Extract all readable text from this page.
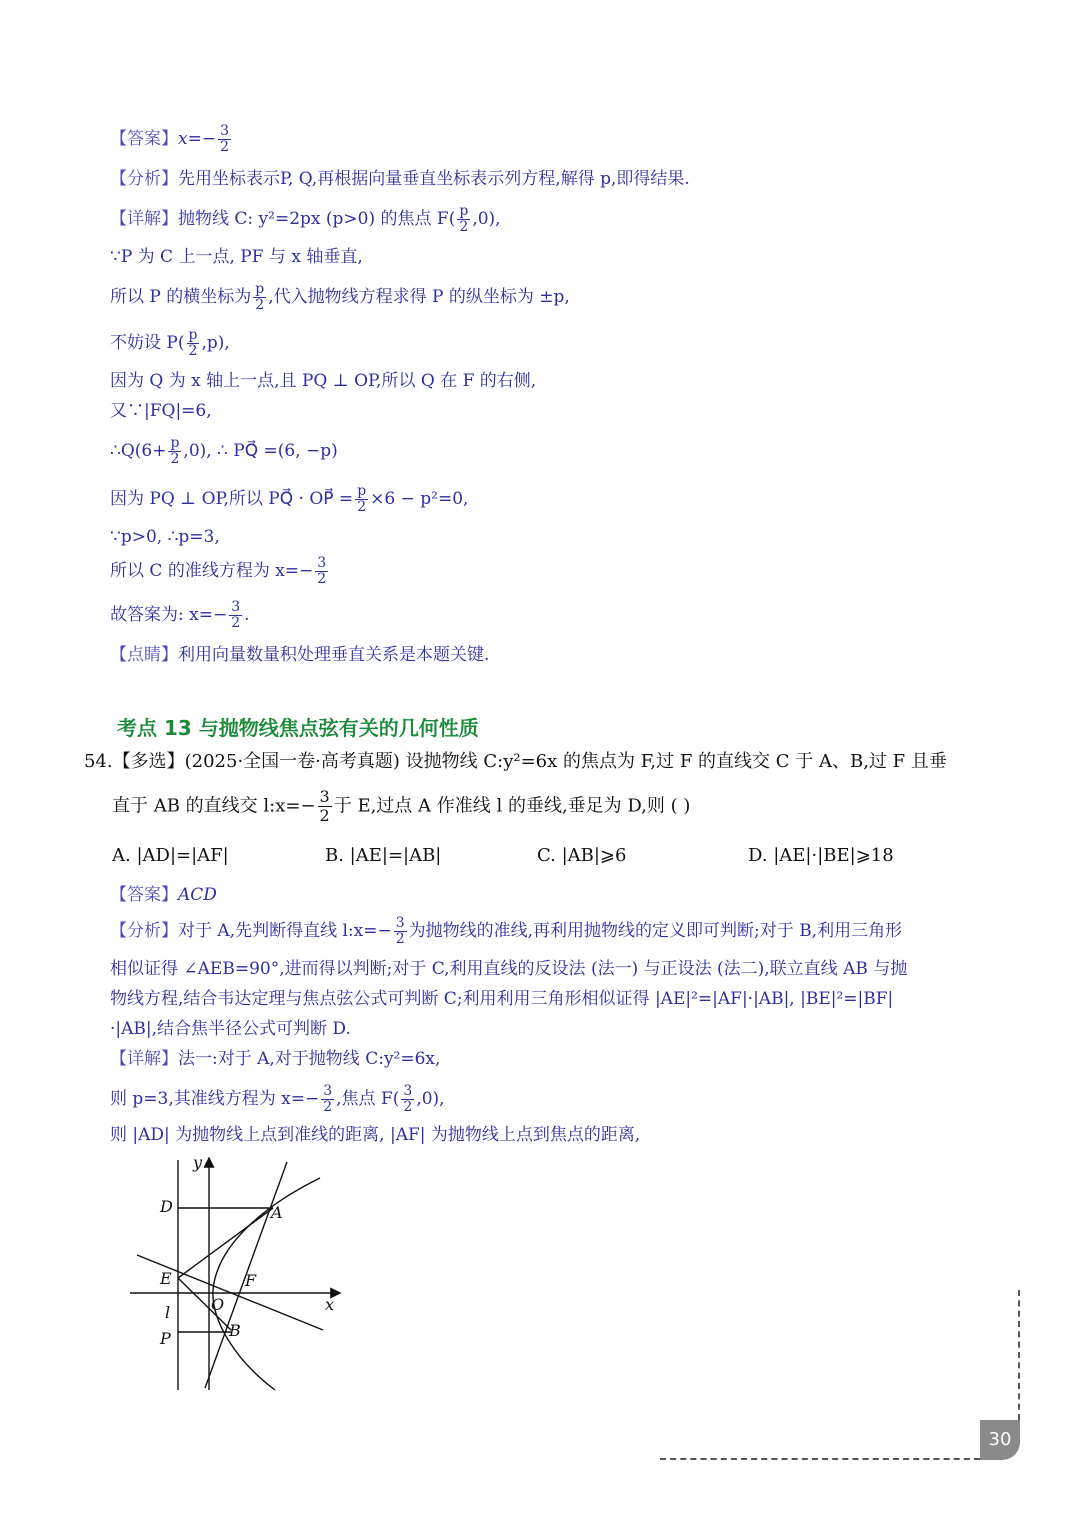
【答案】$x=- \frac{3}{2}$
【分析】先用坐标表示P, Q,再根据向量垂直坐标表示列方程,解得 p,即得结果.
【详解】抛物线 C: y²=2px (p>0) 的焦点 $F( \frac{p}{2} ,0)$,
∵P 为 C 上一点, PF 与 x 轴垂直,
所以 P 的横坐标为 $\frac{p}{2}$ ,代入抛物线方程求得 P 的纵坐标为 ±p,
不妨设 $P( \frac{p}{2} ,p)$,
因为 Q 为 x 轴上一点,且 PQ ⊥ OP,所以 Q 在 F 的右侧,
又∵|FQ|=6,
∴Q(6+ $\frac{p}{2} ,0$), ∴ PQ⃗ =(6, −p)
因为 PQ ⊥ OP,所以 PQ⃗ · OP⃗ = $\frac{p}{2} \times 6 - p^2=0$,
∵p>0, ∴p=3,
所以 C 的准线方程为 $x=- \frac{3}{2}$
故答案为: $x=- \frac{3}{2}$ .
【点睛】利用向量数量积处理垂直关系是本题关键.
考点 13 与抛物线焦点弦有关的几何性质
54.【多选】(2025·全国一卷·高考真题) 设抛物线 C:y²=6x 的焦点为 F,过 F 的直线交 C 于 A、B,过 F 且垂
直于 AB 的直线交 l:x=− $\frac{3}{2}$ 于 E,过点 A 作准线 l 的垂线,垂足为 D,则 ( )
A. |AD|=|AF|	B. |AE|=|AB|	C. |AB|⩾6	D. |AE|·|BE|⩾18
【答案】ACD
【分析】对于 A,先判断得直线 l:x=− $\frac{3}{2}$ 为抛物线的准线,再利用抛物线的定义即可判断;对于 B,利用三角形
相似证得 ∠AEB=90°,进而得以判断;对于 C,利用直线的反设法 (法一) 与正设法 (法二),联立直线 AB 与抛
物线方程,结合韦达定理与焦点弦公式可判断 C;利用利用三角形相似证得 |AE|²=|AF|·|AB|, |BE|²=|BF|
·|AB|,结合焦半径公式可判断 D.
【详解】法一:对于 A,对于抛物线 C:y²=6x,
则 p=3,其准线方程为 $x=- \frac{3}{2}$ ,焦点 $F( \frac{3}{2} ,0)$,
则 |AD| 为抛物线上点到准线的距离, |AF| 为抛物线上点到焦点的距离,
y
x
D	A
E	F
O
l
P	B
30
